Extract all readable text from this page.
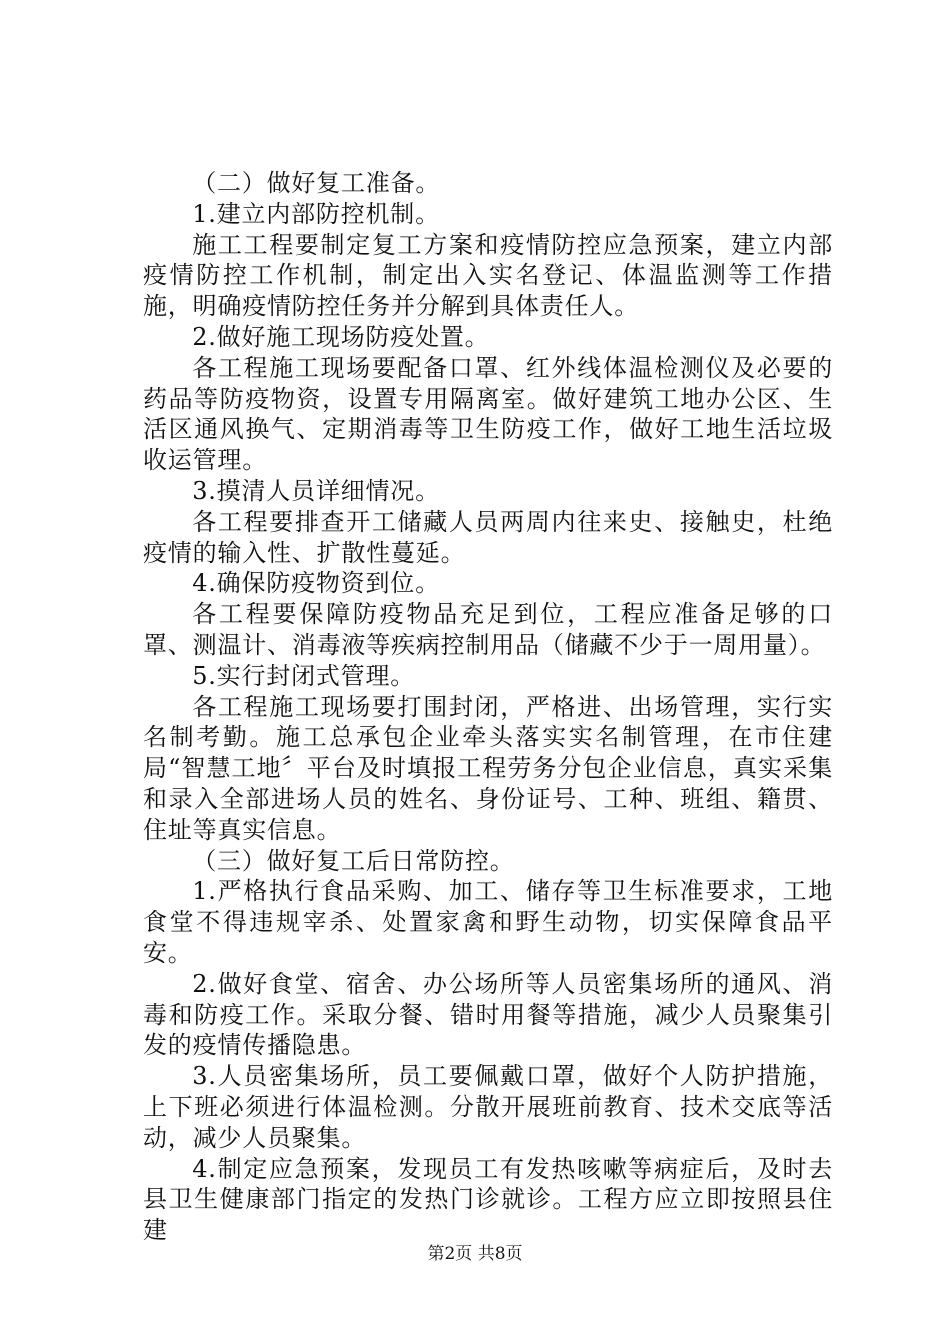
（二）做好复工准备。

1.建立内部防控机制。

施工工程要制定复工方案和疫情防控应急预案，建立内部疫情防控工作机制，制定出入实名登记、体温监测等工作措施，明确疫情防控任务并分解到具体责任人。

2.做好施工现场防疫处置。

各工程施工现场要配备口罩、红外线体温检测仪及必要的药品等防疫物资，设置专用隔离室。做好建筑工地办公区、生活区通风换气、定期消毒等卫生防疫工作，做好工地生活垃圾收运管理。

3.摸清人员详细情况。

各工程要排查开工储藏人员两周内往来史、接触史，杜绝疫情的输入性、扩散性蔓延。

4.确保防疫物资到位。

各工程要保障防疫物品充足到位，工程应准备足够的口罩、测温计、消毒液等疾病控制用品（储藏不少于一周用量）。

5.实行封闭式管理。

各工程施工现场要打围封闭，严格进、出场管理，实行实名制考勤。施工总承包企业牵头落实实名制管理，在市住建局“智慧工地〞平台及时填报工程劳务分包企业信息，真实采集和录入全部进场人员的姓名、身份证号、工种、班组、籍贯、住址等真实信息。

（三）做好复工后日常防控。

1.严格执行食品采购、加工、储存等卫生标准要求，工地食堂不得违规宰杀、处置家禽和野生动物，切实保障食品平安。

2.做好食堂、宿舍、办公场所等人员密集场所的通风、消毒和防疫工作。采取分餐、错时用餐等措施，减少人员聚集引发的疫情传播隐患。

3.人员密集场所，员工要佩戴口罩，做好个人防护措施，上下班必须进行体温检测。分散开展班前教育、技术交底等活动，减少人员聚集。

4.制定应急预案，发现员工有发热咳嗽等病症后，及时去县卫生健康部门指定的发热门诊就诊。工程方应立即按照县住建

第2页 共8页
